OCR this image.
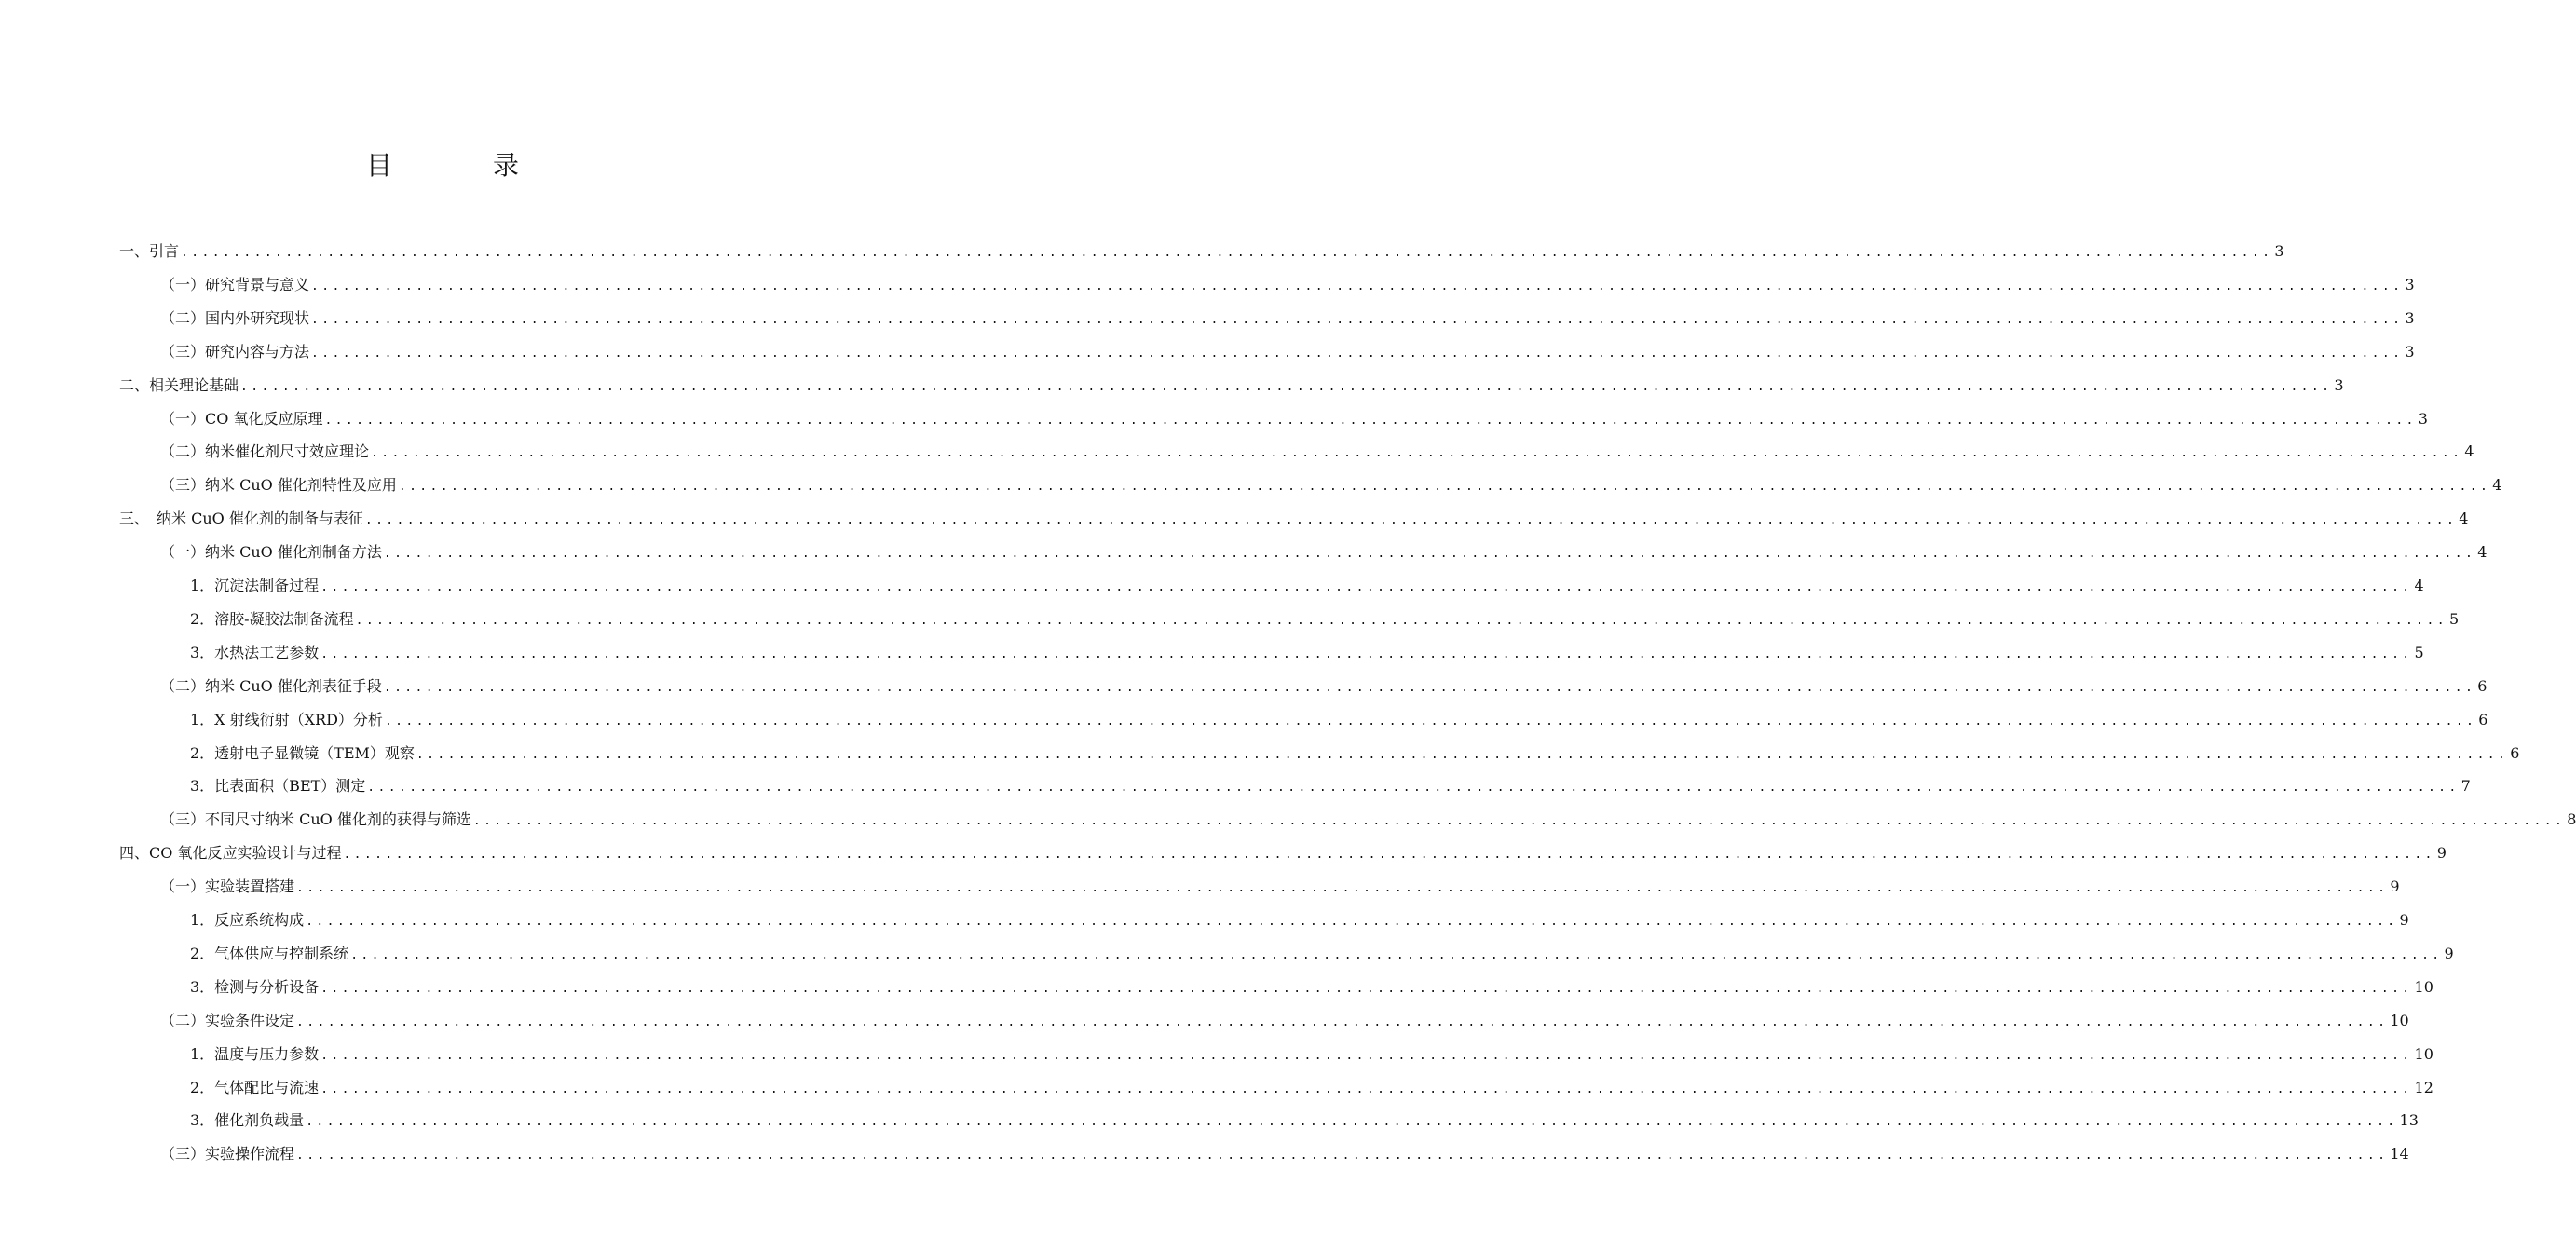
目　录
一、引言 ........................................................................................................................................................................................................ 3
（一）研究背景与意义 ........................................................................................................................................................................................................ 3
（二）国内外研究现状 ........................................................................................................................................................................................................ 3
（三）研究内容与方法 ........................................................................................................................................................................................................ 3
二、相关理论基础 ........................................................................................................................................................................................................ 3
（一）CO 氧化反应原理 ........................................................................................................................................................................................................ 3
（二）纳米催化剂尺寸效应理论 ........................................................................................................................................................................................................ 4
（三）纳米 CuO 催化剂特性及应用 ........................................................................................................................................................................................................ 4
三、　纳米 CuO 催化剂的制备与表征 ........................................................................................................................................................................................................ 4
（一）纳米 CuO 催化剂制备方法 ........................................................................................................................................................................................................ 4
1．沉淀法制备过程 ........................................................................................................................................................................................................ 4
2．溶胶-凝胶法制备流程 ........................................................................................................................................................................................................ 5
3．水热法工艺参数 ........................................................................................................................................................................................................ 5
（二）纳米 CuO 催化剂表征手段 ........................................................................................................................................................................................................ 6
1．X 射线衍射（XRD）分析 ........................................................................................................................................................................................................ 6
2．透射电子显微镜（TEM）观察 ........................................................................................................................................................................................................ 6
3．比表面积（BET）测定 ........................................................................................................................................................................................................ 7
（三）不同尺寸纳米 CuO 催化剂的获得与筛选 ........................................................................................................................................................................................................ 8
四、CO 氧化反应实验设计与过程 ........................................................................................................................................................................................................ 9
（一）实验装置搭建 ........................................................................................................................................................................................................ 9
1．反应系统构成 ........................................................................................................................................................................................................ 9
2．气体供应与控制系统 ........................................................................................................................................................................................................ 9
3．检测与分析设备 ........................................................................................................................................................................................................ 10
（二）实验条件设定 ........................................................................................................................................................................................................ 10
1．温度与压力参数 ........................................................................................................................................................................................................ 10
2．气体配比与流速 ........................................................................................................................................................................................................ 12
3．催化剂负载量 ........................................................................................................................................................................................................ 13
（三）实验操作流程 ........................................................................................................................................................................................................ 14
